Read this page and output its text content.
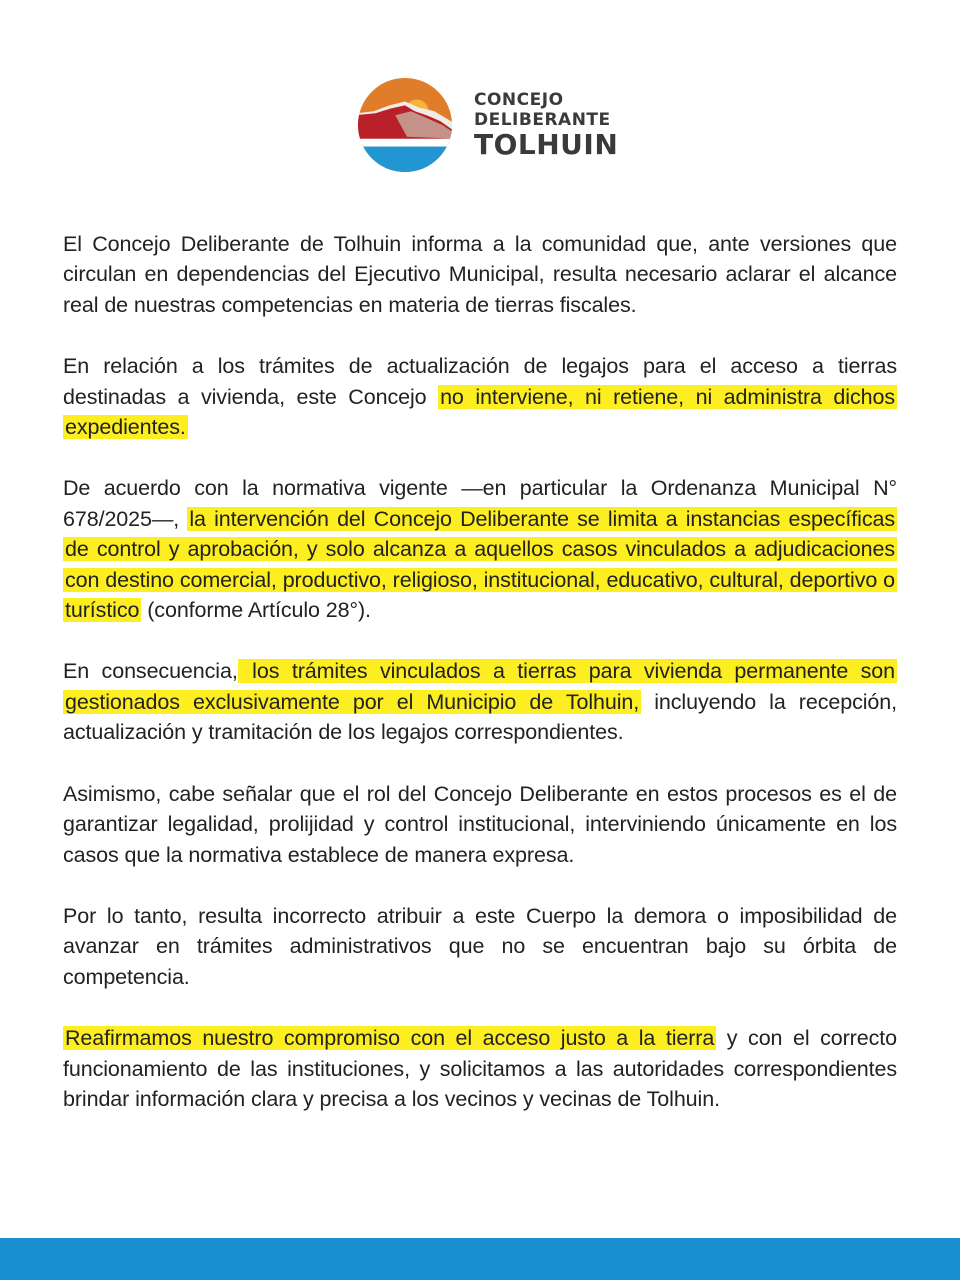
CONCEJO
DELIBERANTE
TOLHUIN

El Concejo Deliberante de Tolhuin informa a la comunidad que, ante versiones que circulan en dependencias del Ejecutivo Municipal, resulta necesario aclarar el alcance real de nuestras competencias en materia de tierras fiscales.

En relación a los trámites de actualización de legajos para el acceso a tierras destinadas a vivienda, este Concejo no interviene, ni retiene, ni administra dichos expedientes.

De acuerdo con la normativa vigente —en particular la Ordenanza Municipal N° 678/2025—, la intervención del Concejo Deliberante se limita a instancias específicas de control y aprobación, y solo alcanza a aquellos casos vinculados a adjudicaciones con destino comercial, productivo, religioso, institucional, educativo, cultural, deportivo o turístico (conforme Artículo 28°).

En consecuencia, los trámites vinculados a tierras para vivienda permanente son gestionados exclusivamente por el Municipio de Tolhuin, incluyendo la recepción, actualización y tramitación de los legajos correspondientes.

Asimismo, cabe señalar que el rol del Concejo Deliberante en estos procesos es el de garantizar legalidad, prolijidad y control institucional, interviniendo únicamente en los casos que la normativa establece de manera expresa.

Por lo tanto, resulta incorrecto atribuir a este Cuerpo la demora o imposibilidad de avanzar en trámites administrativos que no se encuentran bajo su órbita de competencia.

Reafirmamos nuestro compromiso con el acceso justo a la tierra y con el correcto funcionamiento de las instituciones, y solicitamos a las autoridades correspondientes brindar información clara y precisa a los vecinos y vecinas de Tolhuin.
